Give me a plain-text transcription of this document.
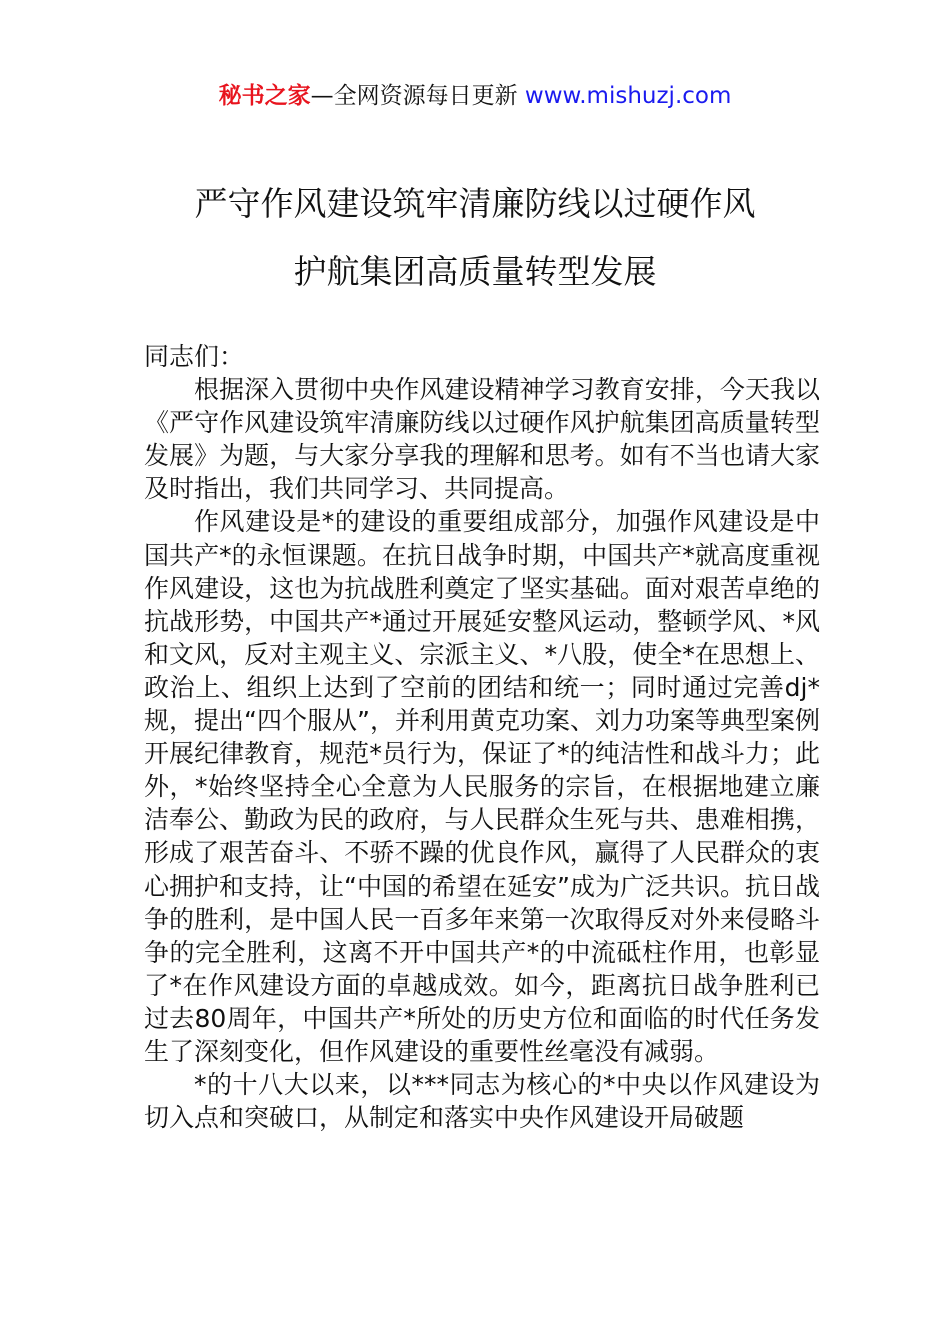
秘书之家—全网资源每日更新 www.mishuzj.com
严守作风建设筑牢清廉防线以过硬作风
护航集团高质量转型发展

同志们：

根据深入贯彻中央作风建设精神学习教育安排，今天我以《严守作风建设筑牢清廉防线以过硬作风护航集团高质量转型发展》为题，与大家分享我的理解和思考。如有不当也请大家及时指出，我们共同学习、共同提高。

作风建设是*的建设的重要组成部分，加强作风建设是中国共产*的永恒课题。在抗日战争时期，中国共产*就高度重视作风建设，这也为抗战胜利奠定了坚实基础。面对艰苦卓绝的抗战形势，中国共产*通过开展延安整风运动，整顿学风、*风和文风，反对主观主义、宗派主义、*八股，使全*在思想上、政治上、组织上达到了空前的团结和统一；同时通过完善dj*规，提出“四个服从”，并利用黄克功案、刘力功案等典型案例开展纪律教育，规范*员行为，保证了*的纯洁性和战斗力；此外，*始终坚持全心全意为人民服务的宗旨，在根据地建立廉洁奉公、勤政为民的政府，与人民群众生死与共、患难相携，形成了艰苦奋斗、不骄不躁的优良作风，赢得了人民群众的衷心拥护和支持，让“中国的希望在延安”成为广泛共识。抗日战争的胜利，是中国人民一百多年来第一次取得反对外来侵略斗争的完全胜利，这离不开中国共产*的中流砥柱作用，也彰显了*在作风建设方面的卓越成效。如今，距离抗日战争胜利已过去80周年，中国共产*所处的历史方位和面临的时代任务发生了深刻变化，但作风建设的重要性丝毫没有减弱。

*的十八大以来，以***同志为核心的*中央以作风建设为切入点和突破口，从制定和落实中央作风建设开局破题
